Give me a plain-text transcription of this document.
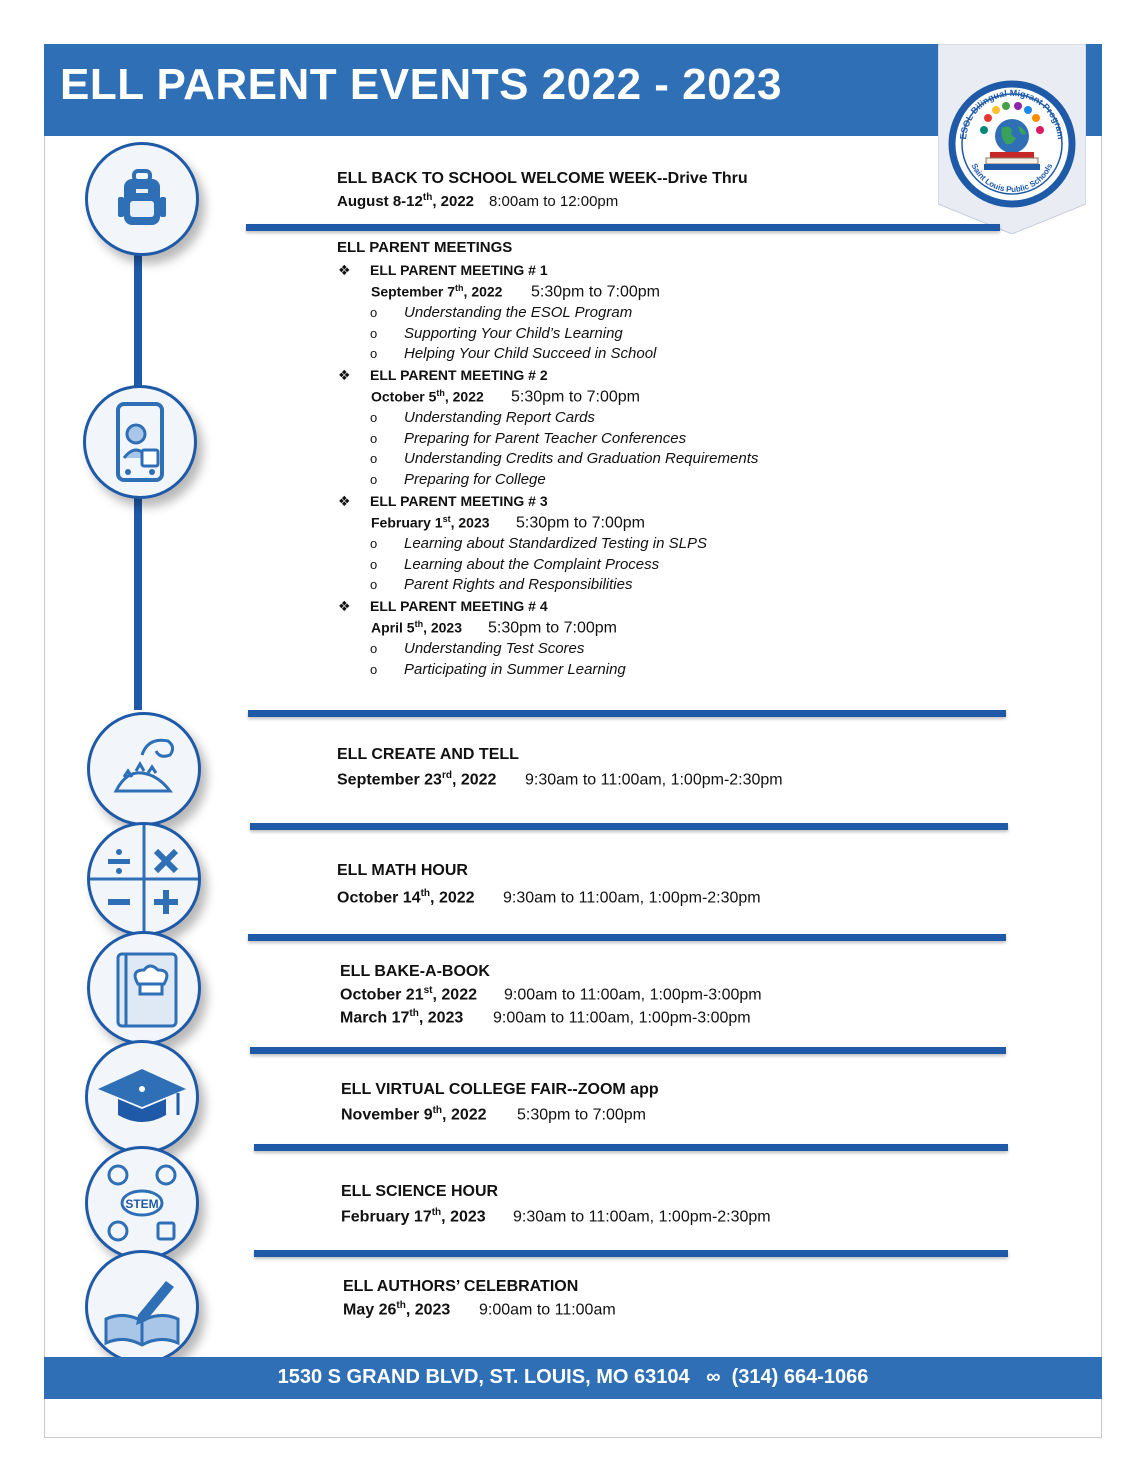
ELL PARENT EVENTS 2022 - 2023
ESOL Bilingual Migrant Program
Saint Louis Public Schools
STEM
ELL BACK TO SCHOOL WELCOME WEEK--Drive Thru
August 8-12th, 2022 8:00am to 12:00pm
ELL PARENT MEETINGS
❖ ELL PARENT MEETING # 1
September 7th, 2022 5:30pm to 7:00pm
o Understanding the ESOL Program
o Supporting Your Child’s Learning
o Helping Your Child Succeed in School
❖ ELL PARENT MEETING # 2
October 5th, 2022 5:30pm to 7:00pm
o Understanding Report Cards
o Preparing for Parent Teacher Conferences
o Understanding Credits and Graduation Requirements
o Preparing for College
❖ ELL PARENT MEETING # 3
February 1st, 2023 5:30pm to 7:00pm
o Learning about Standardized Testing in SLPS
o Learning about the Complaint Process
o Parent Rights and Responsibilities
❖ ELL PARENT MEETING # 4
April 5th, 2023 5:30pm to 7:00pm
o Understanding Test Scores
o Participating in Summer Learning
ELL CREATE AND TELL
September 23rd, 2022 9:30am to 11:00am, 1:00pm-2:30pm
ELL MATH HOUR
October 14th, 2022 9:30am to 11:00am, 1:00pm-2:30pm
ELL BAKE-A-BOOK
October 21st, 2022 9:00am to 11:00am, 1:00pm-3:00pm
March 17th, 2023 9:00am to 11:00am, 1:00pm-3:00pm
ELL VIRTUAL COLLEGE FAIR--ZOOM app
November 9th, 2022 5:30pm to 7:00pm
ELL SCIENCE HOUR
February 17th, 2023 9:30am to 11:00am, 1:00pm-2:30pm
ELL AUTHORS’ CELEBRATION
May 26th, 2023 9:00am to 11:00am
1530 S GRAND BLVD, ST. LOUIS, MO 63104   ∞  (314) 664-1066
